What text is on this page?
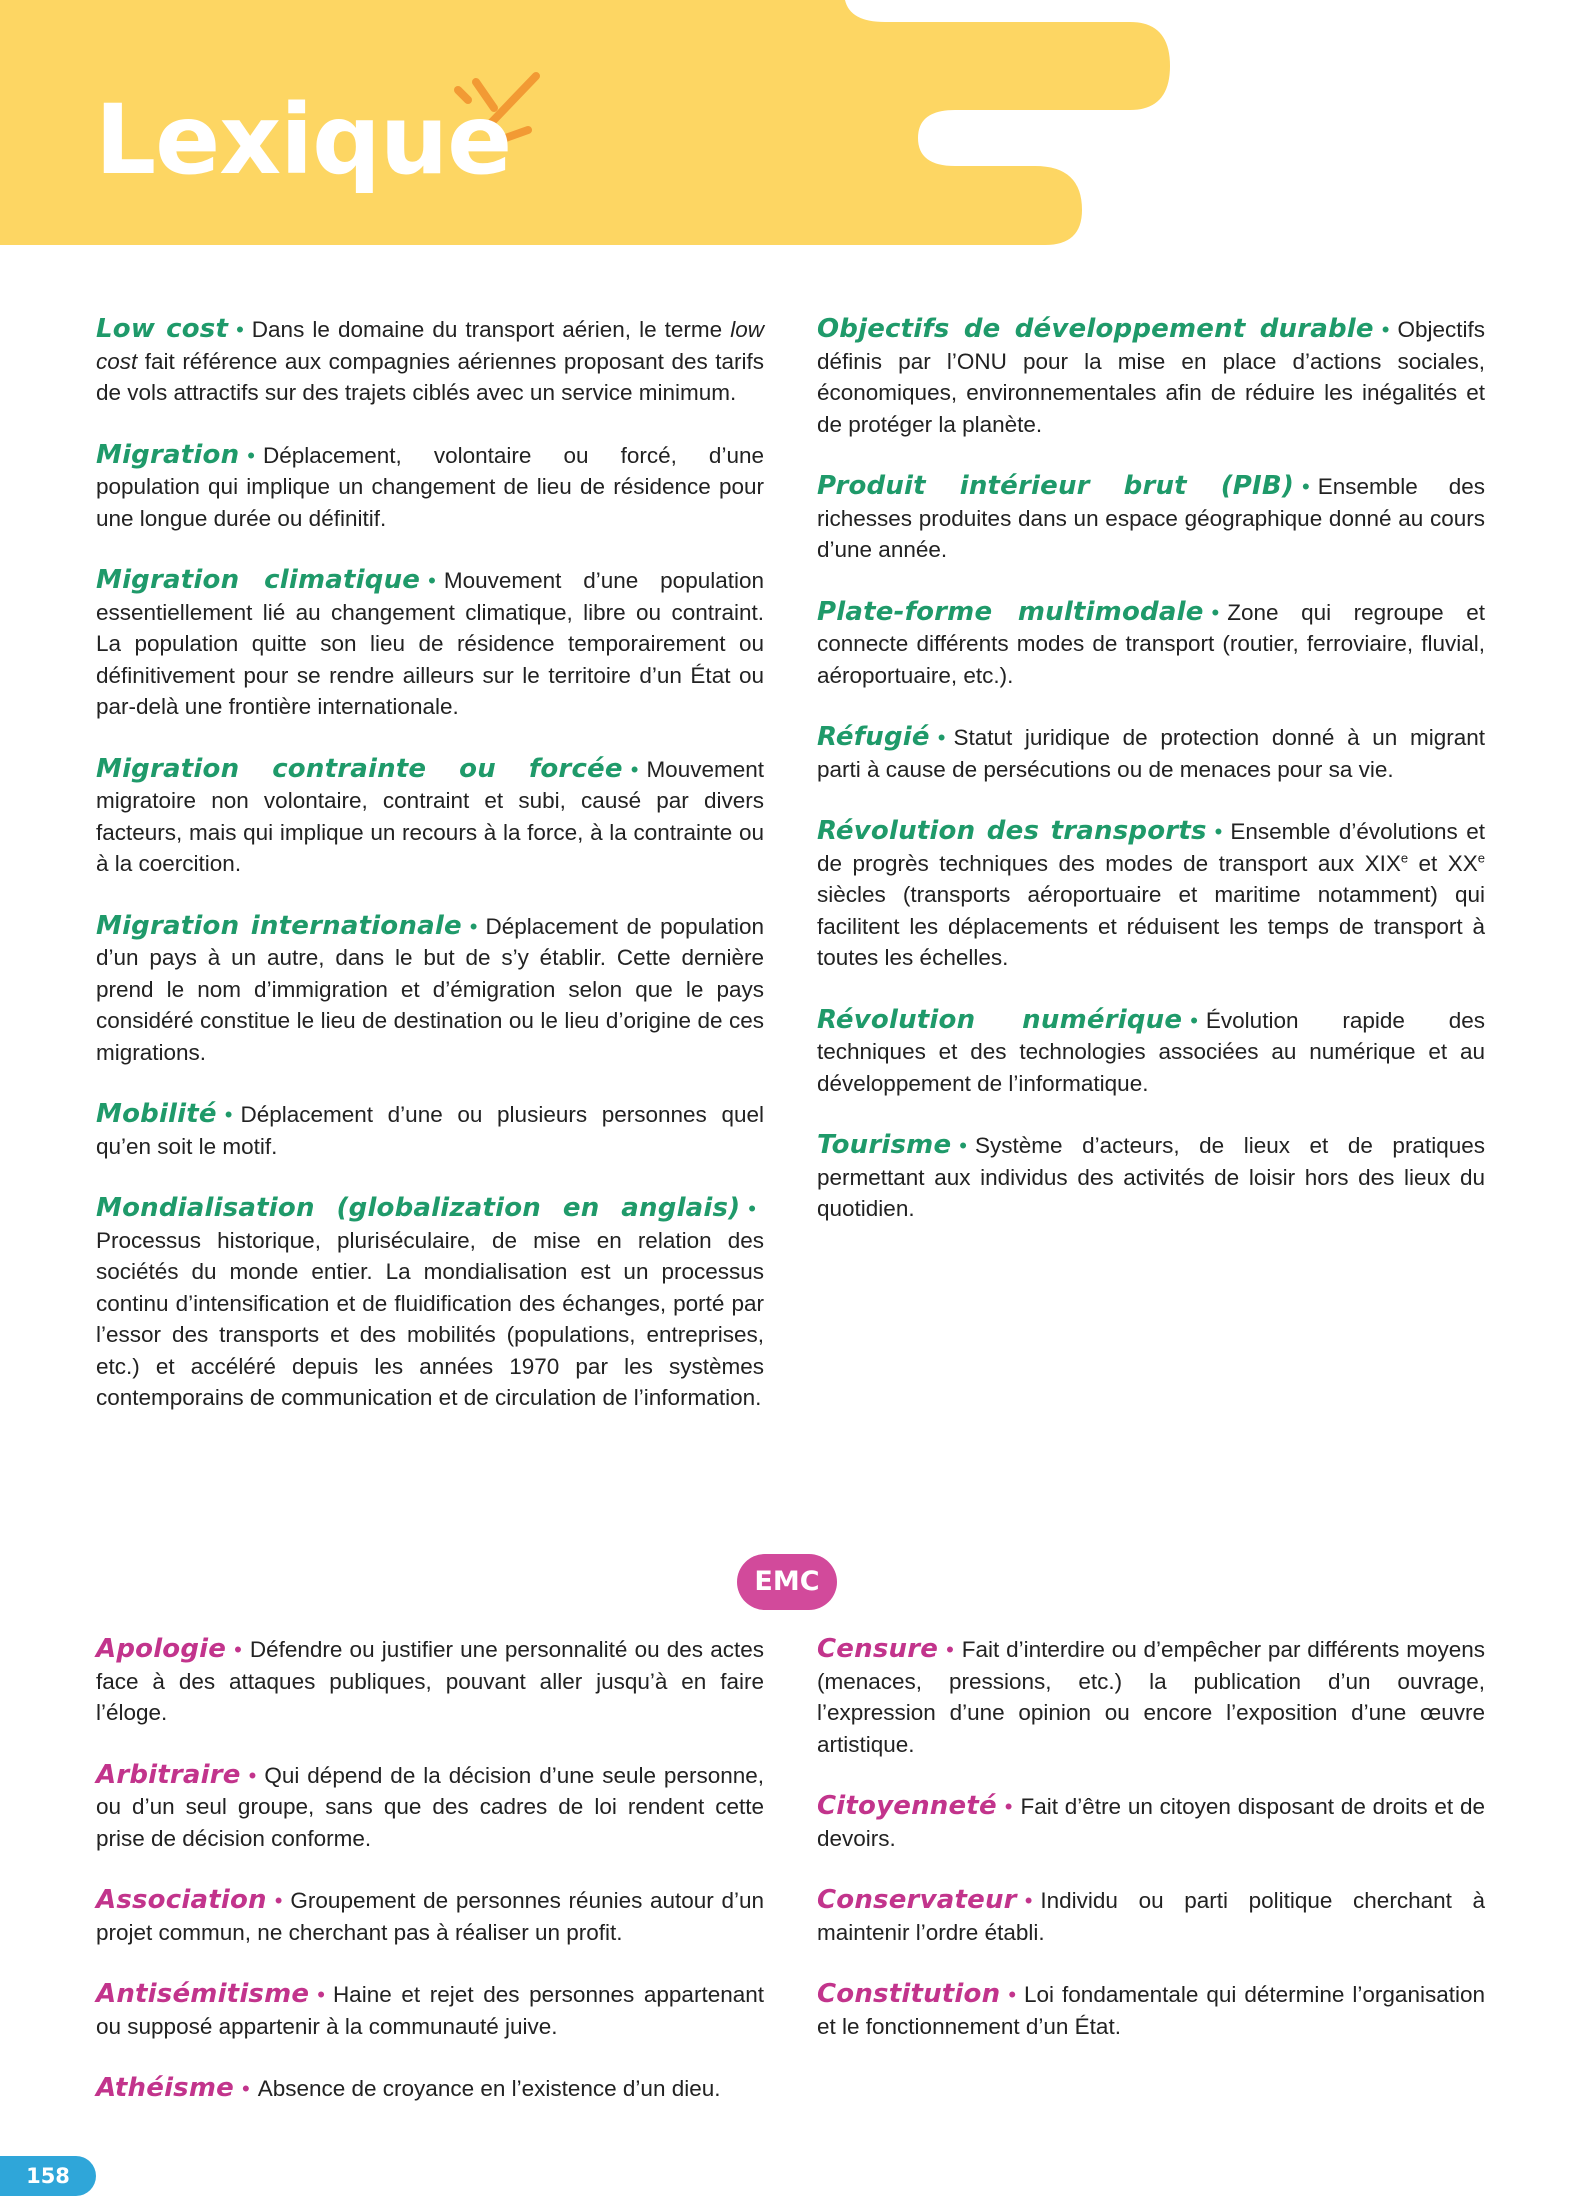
Lexique

Low cost • Dans le domaine du transport aérien, le terme low cost fait référence aux compagnies aériennes proposant des tarifs de vols attractifs sur des trajets ciblés avec un service minimum.

Migration • Déplacement, volontaire ou forcé, d’une population qui implique un changement de lieu de résidence pour une longue durée ou définitif.

Migration climatique • Mouvement d’une population essentiellement lié au changement climatique, libre ou contraint. La population quitte son lieu de résidence temporairement ou définitivement pour se rendre ailleurs sur le territoire d’un État ou par-delà une frontière internationale.

Migration contrainte ou forcée • Mouvement migratoire non volontaire, contraint et subi, causé par divers facteurs, mais qui implique un recours à la force, à la contrainte ou à la coercition.

Migration internationale • Déplacement de population d’un pays à un autre, dans le but de s’y établir. Cette dernière prend le nom d’immigration et d’émigration selon que le pays considéré constitue le lieu de destination ou le lieu d’origine de ces migrations.

Mobilité • Déplacement d’une ou plusieurs personnes quel qu’en soit le motif.

Mondialisation (globalization en anglais) •Processus historique, pluriséculaire, de mise en relation des sociétés du monde entier. La mondialisation est un processus continu d’intensification et de fluidification des échanges, porté par l’essor des transports et des mobilités (populations, entreprises, etc.) et accéléré depuis les années 1970 par les systèmes contemporains de communication et de circulation de l’information.

Objectifs de développement durable • Objectifs définis par l’ONU pour la mise en place d’actions sociales, économiques, environnementales afin de réduire les inégalités et de protéger la planète.

Produit intérieur brut (PIB) • Ensemble des richesses produites dans un espace géographique donné au cours d’une année.

Plate-forme multimodale • Zone qui regroupe et connecte différents modes de transport (routier, ferroviaire, fluvial, aéroportuaire, etc.).

Réfugié • Statut juridique de protection donné à un migrant parti à cause de persécutions ou de menaces pour sa vie.

Révolution des transports • Ensemble d’évolutions et de progrès techniques des modes de transport aux XIXe et XXe siècles (transports aéroportuaire et maritime notamment) qui facilitent les déplacements et réduisent les temps de transport à toutes les échelles.

Révolution numérique • Évolution rapide des techniques et des technologies associées au numérique et au développement de l’informatique.

Tourisme • Système d’acteurs, de lieux et de pratiques permettant aux individus des activités de loisir hors des lieux du quotidien.

EMC

Apologie • Défendre ou justifier une personnalité ou des actes face à des attaques publiques, pouvant aller jusqu’à en faire l’éloge.

Arbitraire • Qui dépend de la décision d’une seule personne, ou d’un seul groupe, sans que des cadres de loi rendent cette prise de décision conforme.

Association • Groupement de personnes réunies autour d’un projet commun, ne cherchant pas à réaliser un profit.

Antisémitisme • Haine et rejet des personnes appartenant ou supposé appartenir à la communauté juive.

Athéisme • Absence de croyance en l’existence d’un dieu.

Censure • Fait d’interdire ou d’empêcher par différents moyens (menaces, pressions, etc.) la publication d’un ouvrage, l’expression d’une opinion ou encore l’exposition d’une œuvre artistique.

Citoyenneté • Fait d’être un citoyen disposant de droits et de devoirs.

Conservateur • Individu ou parti politique cherchant à maintenir l’ordre établi.

Constitution • Loi fondamentale qui détermine l’organisation et le fonctionnement d’un État.

158
